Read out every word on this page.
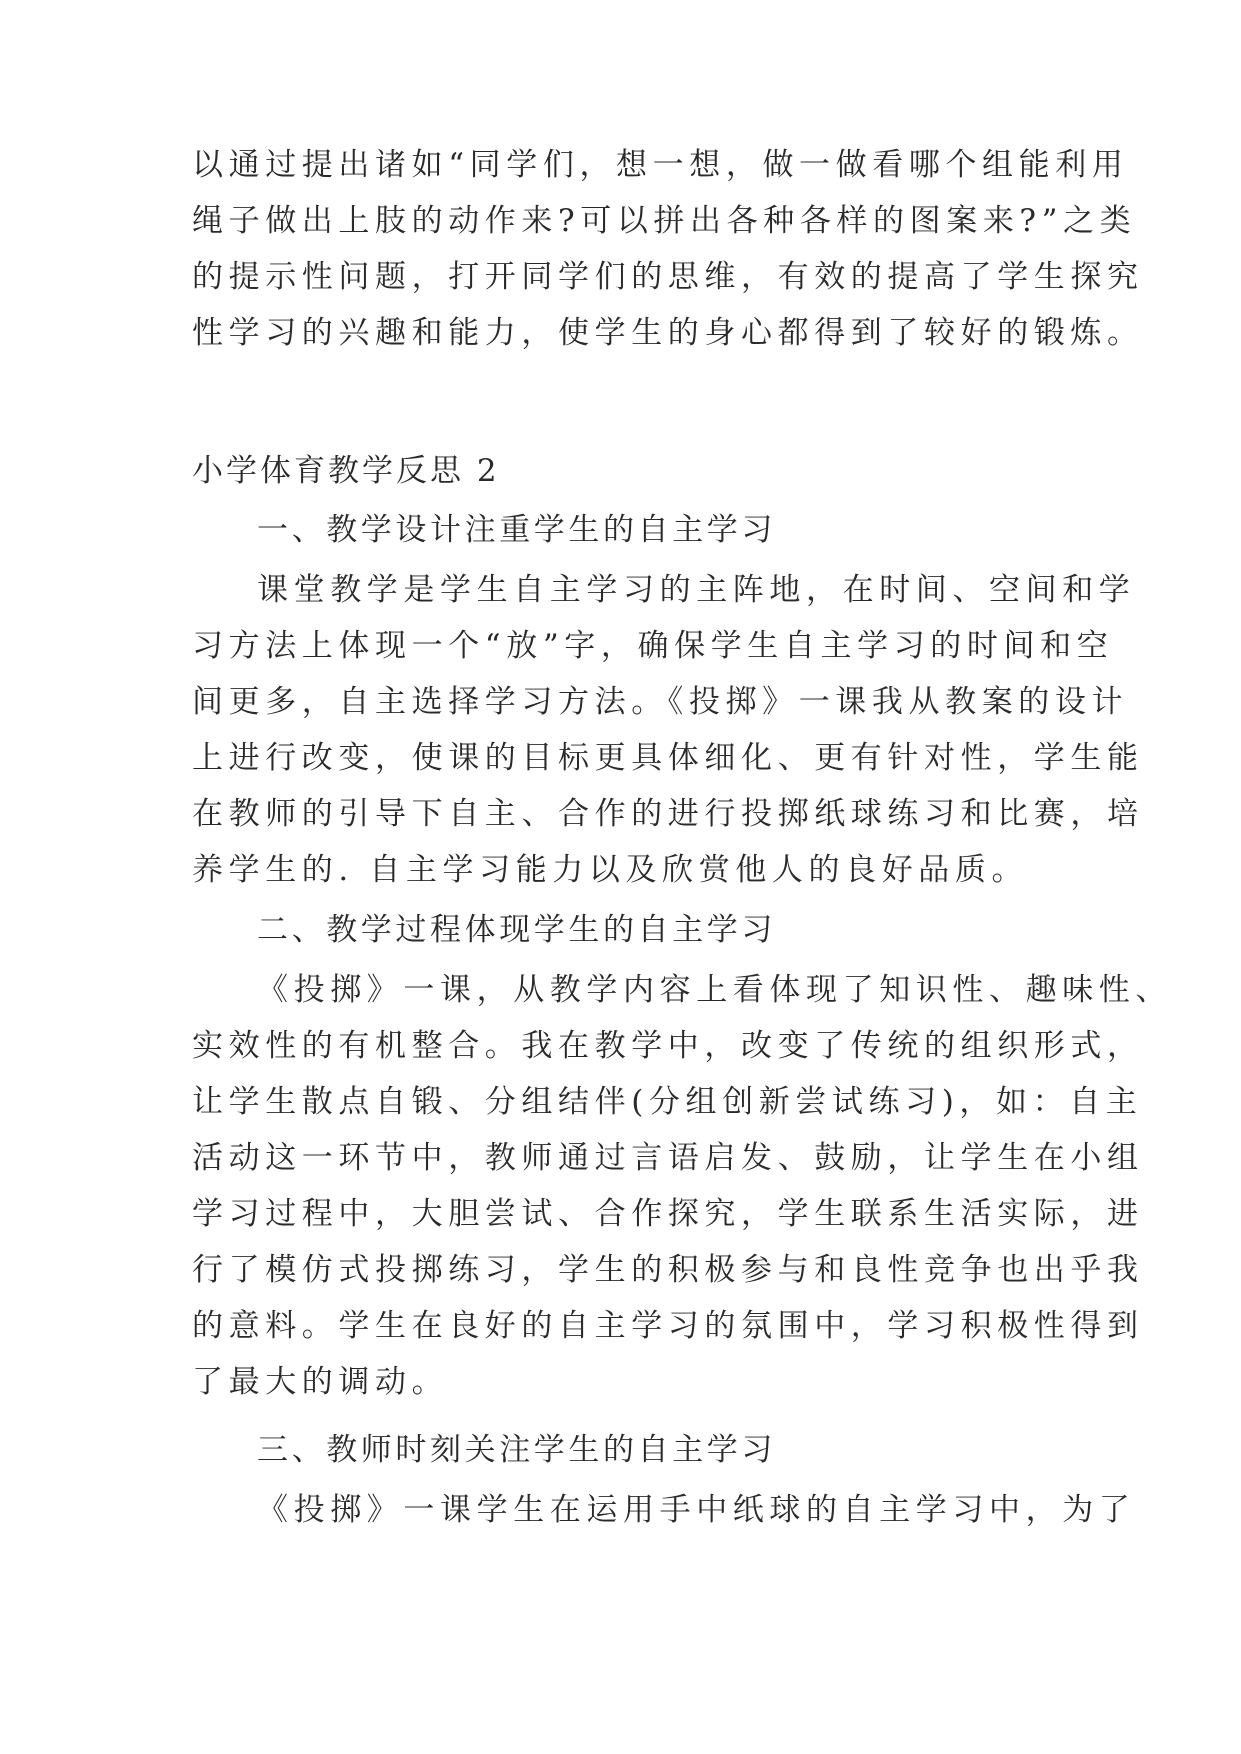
以通过提出诸如“同学们，想一想，做一做看哪个组能利用
绳子做出上肢的动作来?可以拼出各种各样的图案来?”之类
的提示性问题，打开同学们的思维，有效的提高了学生探究
性学习的兴趣和能力，使学生的身心都得到了较好的锻炼。
小学体育教学反思 2
一、教学设计注重学生的自主学习
课堂教学是学生自主学习的主阵地，在时间、空间和学
习方法上体现一个“放”字，确保学生自主学习的时间和空
间更多，自主选择学习方法。《投掷》一课我从教案的设计
上进行改变，使课的目标更具体细化、更有针对性，学生能
在教师的引导下自主、合作的进行投掷纸球练习和比赛，培
养学生的. 自主学习能力以及欣赏他人的良好品质。
二、教学过程体现学生的自主学习
《投掷》一课，从教学内容上看体现了知识性、趣味性、
实效性的有机整合。我在教学中，改变了传统的组织形式，
让学生散点自锻、分组结伴(分组创新尝试练习)，如：自主
活动这一环节中，教师通过言语启发、鼓励，让学生在小组
学习过程中，大胆尝试、合作探究，学生联系生活实际，进
行了模仿式投掷练习，学生的积极参与和良性竞争也出乎我
的意料。学生在良好的自主学习的氛围中，学习积极性得到
了最大的调动。
三、教师时刻关注学生的自主学习
《投掷》一课学生在运用手中纸球的自主学习中，为了
